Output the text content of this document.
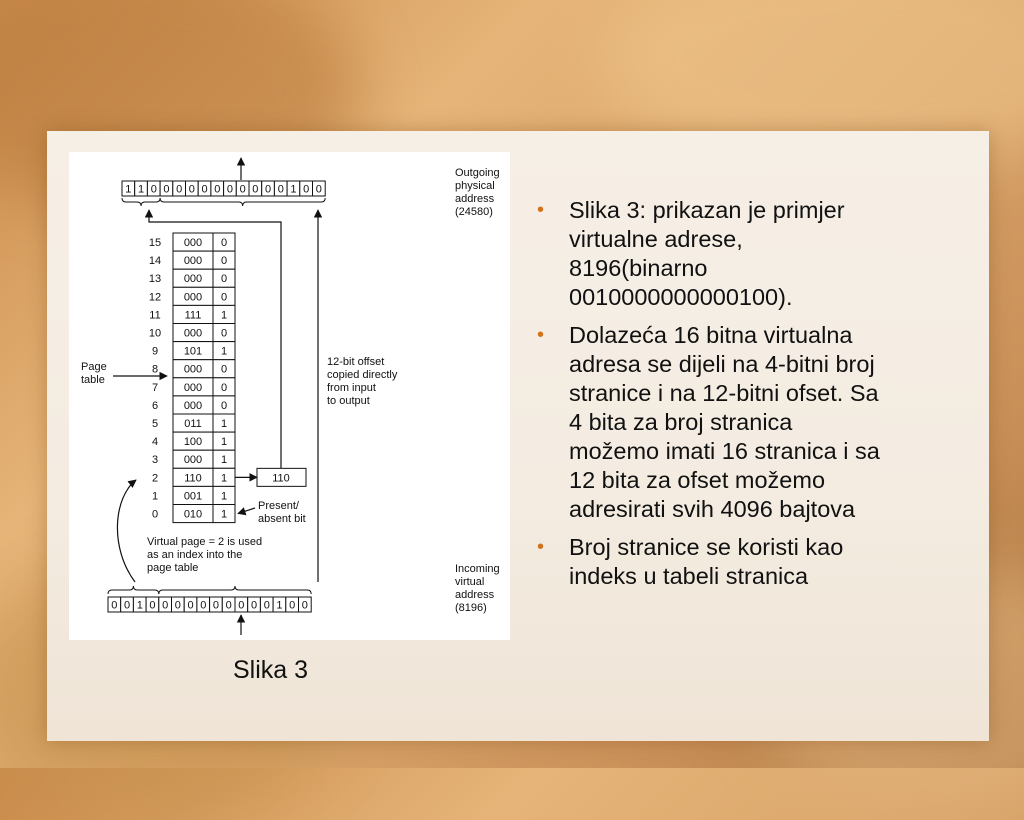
1 1 0 0 0 0 0 0 0 0 0 0 0 1 0 0
Outgoing
physical
address
(24580)
000 0
15
000 0
14
000 0
13
000 0
12
111 1
11
000 0
10
101 1
9
000 0
8
000 0
7
000 0
6
011 1
5
100 1
4
000 1
3
110 1
2
001 1
1
010 1
0
Page
table
110
12-bit offset
copied directly
from input
to output
Present/
absent bit
Virtual page = 2 is used
as an index into the
page table
0 0 1 0 0 0 0 0 0 0 0 0 0 1 0 0
Incoming
virtual
address
(8196)
Slika 3
• Slika 3: prikazan je primjer virtualne adrese, 8196(binarno 0010000000000100).
• Dolazeća 16 bitna virtualna adresa se dijeli na 4-bitni broj stranice i na 12-bitni ofset. Sa 4 bita za broj stranica možemo imati 16 stranica i sa 12 bita za ofset možemo adresirati svih 4096 bajtova
• Broj stranice se koristi kao indeks u tabeli stranica
